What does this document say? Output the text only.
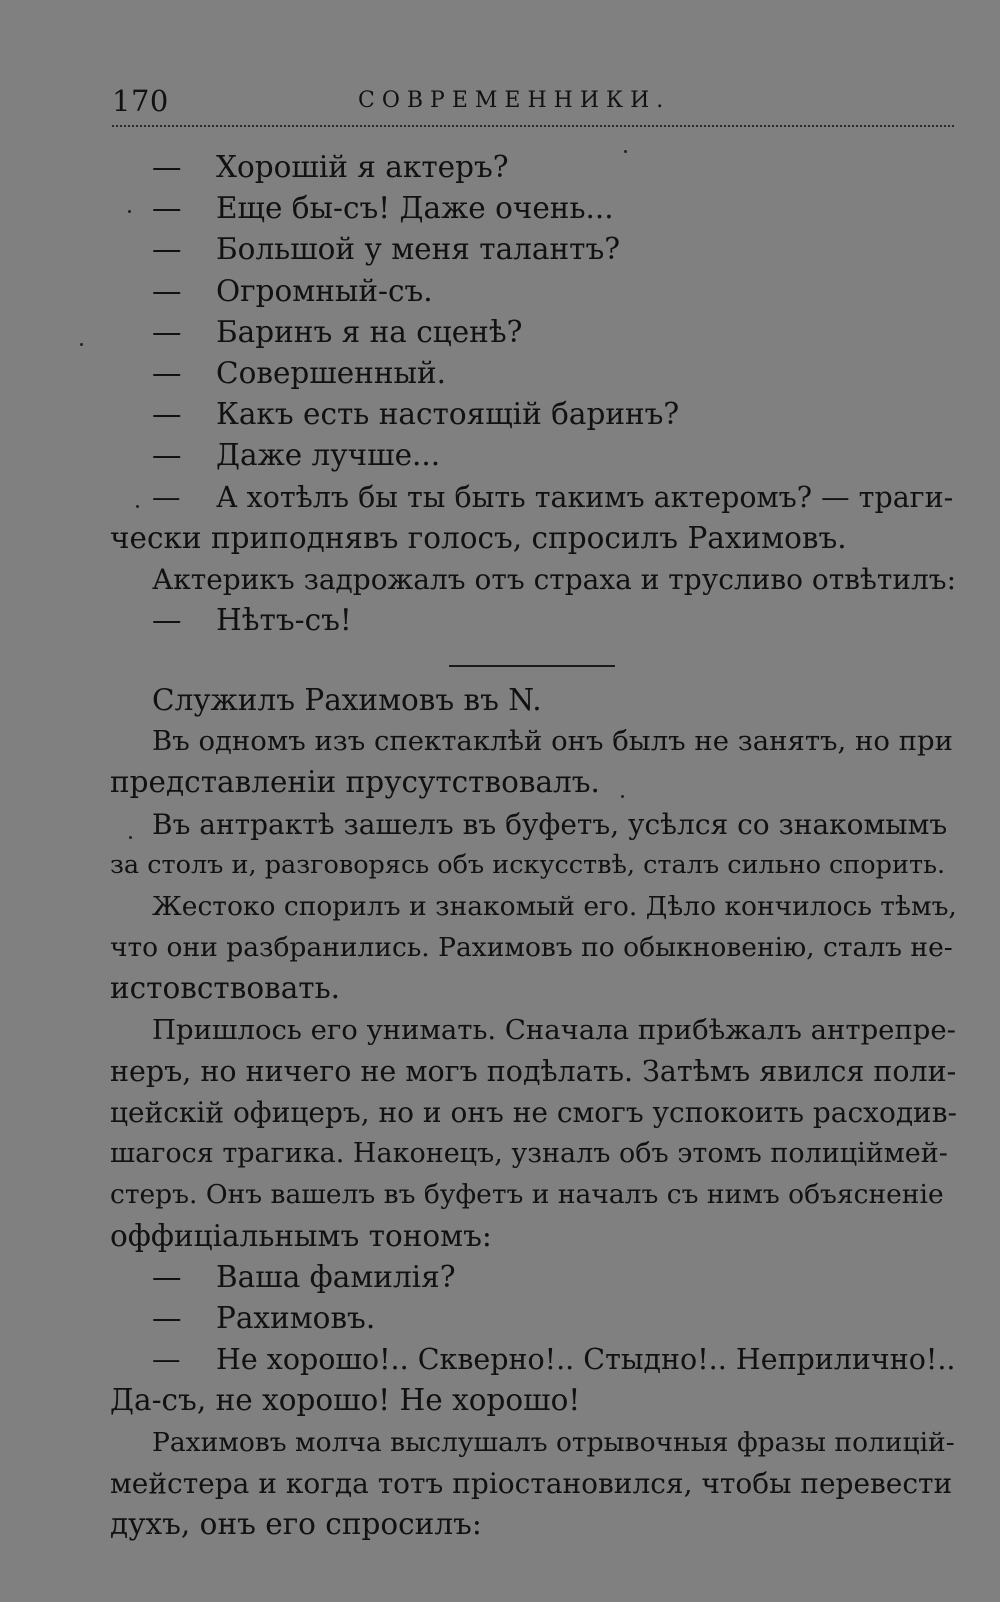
170	СОВРЕМЕННИКИ.
— Хорошій я актеръ?
— Еще бы-съ! Даже очень...
— Большой у меня талантъ?
— Огромный-съ.
— Баринъ я на сценѣ?
— Совершенный.
— Какъ есть настоящій баринъ?
— Даже лучше...
— А хотѣлъ бы ты быть такимъ актеромъ? — траги-
чески приподнявъ голосъ, спросилъ Рахимовъ.
Актерикъ задрожалъ отъ страха и трусливо отвѣтилъ:
— Нѣтъ-съ!
Служилъ Рахимовъ въ N.
Въ одномъ изъ спектаклѣй онъ былъ не занятъ, но при
представленіи прусутствовалъ.
Въ антрактѣ зашелъ въ буфетъ, усѣлся со знакомымъ
за столъ и, разговорясь объ искусствѣ, сталъ сильно спорить.
Жестоко спорилъ и знакомый его. Дѣло кончилось тѣмъ,
что они разбранились. Рахимовъ по обыкновенію, сталъ не-
истовствовать.
Пришлось его унимать. Сначала прибѣжалъ антрепре-
неръ, но ничего не могъ подѣлать. Затѣмъ явился поли-
цейскій офицеръ, но и онъ не смогъ успокоить расходив-
шагося трагика. Наконецъ, узналъ объ этомъ полиціймей-
стеръ. Онъ вашелъ въ буфетъ и началъ съ нимъ объясненіе
оффиціальнымъ тономъ:
— Ваша фамилія?
— Рахимовъ.
— Не хорошо!.. Скверно!.. Стыдно!.. Неприлично!..
Да-съ, не хорошо! Не хорошо!
Рахимовъ молча выслушалъ отрывочныя фразы полицій-
мейстера и когда тотъ пріостановился, чтобы перевести
духъ, онъ его спросилъ:
